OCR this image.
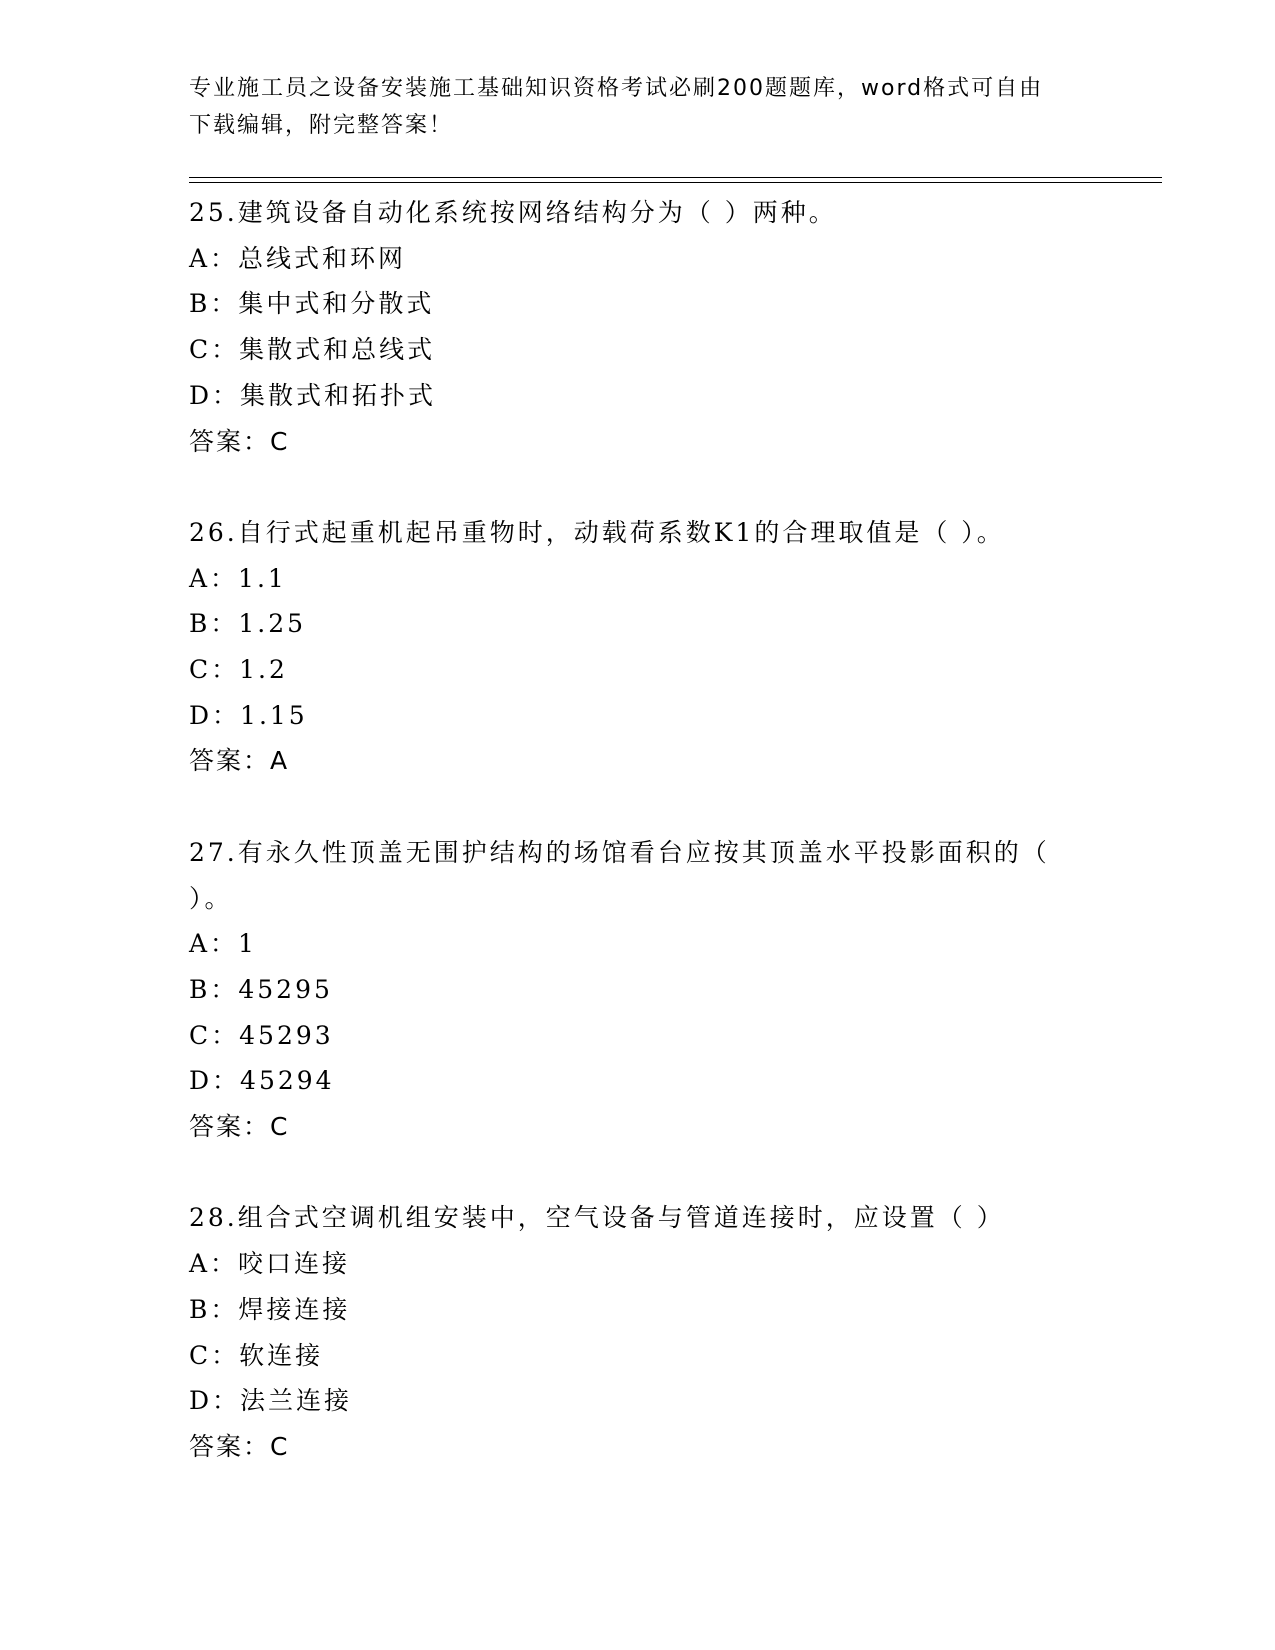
专业施工员之设备安装施工基础知识资格考试必刷200题题库，word格式可自由
下载编辑，附完整答案！
25.建筑设备自动化系统按网络结构分为（ ）两种。
A：总线式和环网
B：集中式和分散式
C：集散式和总线式
D：集散式和拓扑式
答案：C
26.自行式起重机起吊重物时，动载荷系数K1的合理取值是（ ）。
A：1.1
B：1.25
C：1.2
D：1.15
答案：A
27.有永久性顶盖无围护结构的场馆看台应按其顶盖水平投影面积的（
）。
A：1
B：45295
C：45293
D：45294
答案：C
28.组合式空调机组安装中，空气设备与管道连接时，应设置（ ）
A：咬口连接
B：焊接连接
C：软连接
D：法兰连接
答案：C
